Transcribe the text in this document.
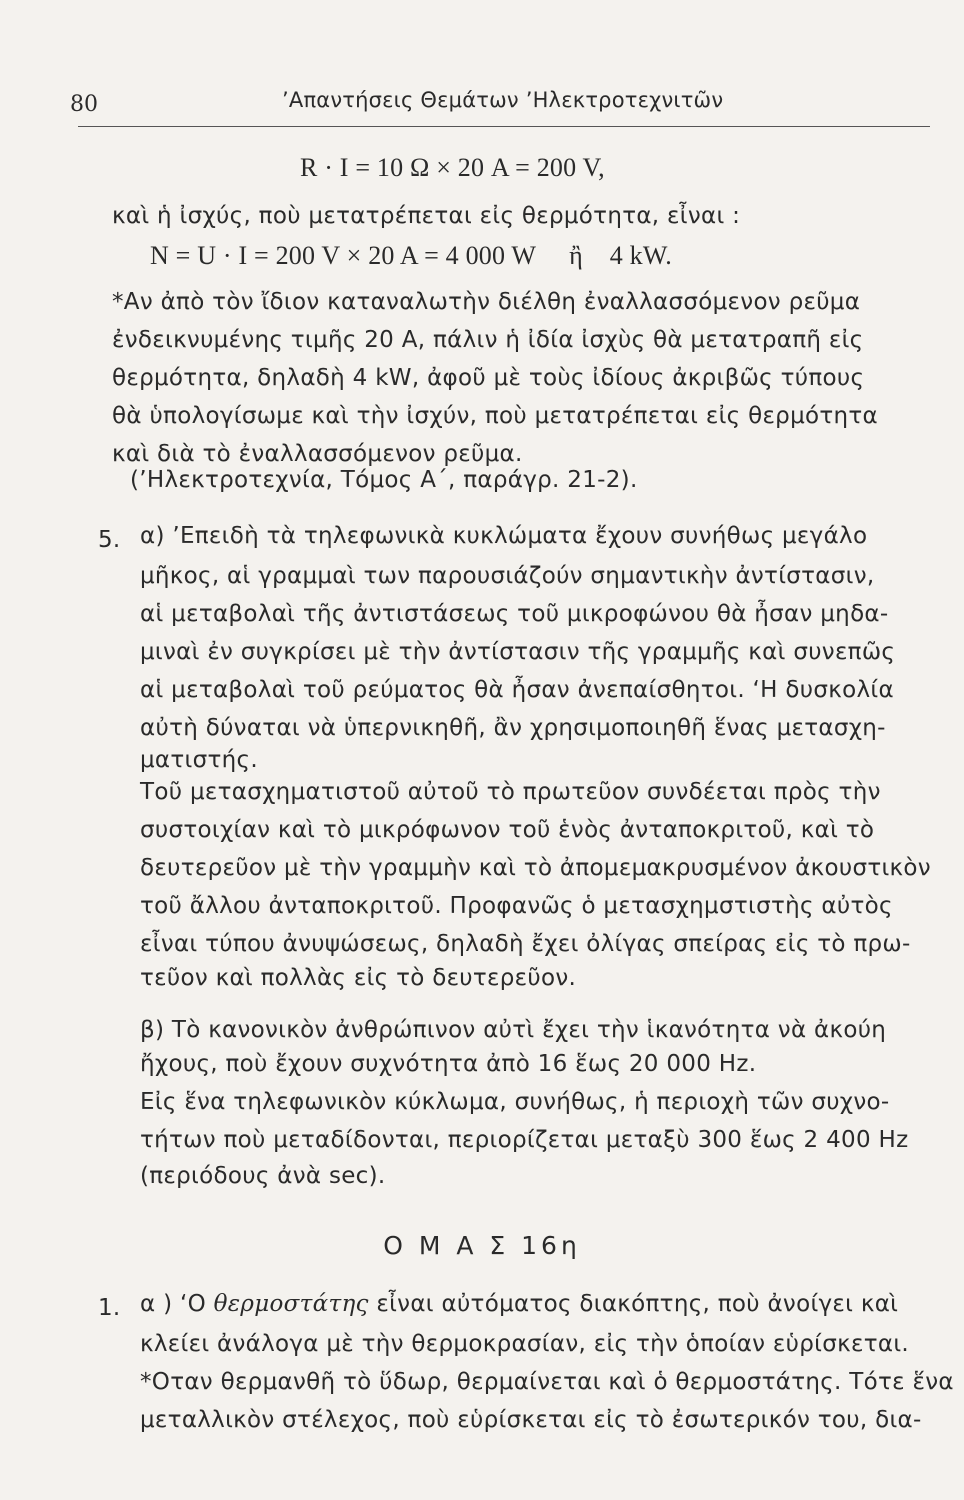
80	’Απαντήσεις Θεμάτων ’Ηλεκτροτεχνιτῶν
R · I = 10 Ω × 20 A = 200 V,
καὶ ἡ ἰσχύς, ποὺ μετατρέπεται εἰς θερμότητα, εἶναι :
N = U · I = 200 V × 20 A = 4 000 W     ἢ    4 kW.
*Αν ἀπὸ τὸν ἴδιον καταναλωτὴν διέλθη ἐναλλασσόμενον ρεῦμα
ἐνδεικνυμένης τιμῆς 20 A, πάλιν ἡ ἰδία ἰσχὺς θὰ μετατραπῆ εἰς
θερμότητα, δηλαδὴ 4 kW, ἀφοῦ μὲ τοὺς ἰδίους ἀκριβῶς τύπους
θὰ ὑπολογίσωμε καὶ τὴν ἰσχύν, ποὺ μετατρέπεται εἰς θερμότητα
καὶ διὰ τὸ ἐναλλασσόμενον ρεῦμα.
(’Ηλεκτροτεχνία, Τόμος Α΄, παράγρ. 21-2).
5. α) ’Επειδὴ τὰ τηλεφωνικὰ κυκλώματα ἔχουν συνήθως μεγάλο
μῆκος, αἱ γραμμαὶ των παρουσιάζούν σημαντικὴν ἀντίστασιν,
αἱ μεταβολαὶ τῆς ἀντιστάσεως τοῦ μικροφώνου θὰ ἦσαν μηδα-
μιναὶ ἐν συγκρίσει μὲ τὴν ἀντίστασιν τῆς γραμμῆς καὶ συνεπῶς
αἱ μεταβολαὶ τοῦ ρεύματος θὰ ἦσαν ἀνεπαίσθητοι. ‘Η δυσκολία
αὐτὴ δύναται νὰ ὑπερνικηθῆ, ἂν χρησιμοποιηθῆ ἕνας μετασχη-
ματιστής.
Τοῦ μετασχηματιστοῦ αὐτοῦ τὸ πρωτεῦον συνδέεται πρὸς τὴν
συστοιχίαν καὶ τὸ μικρόφωνον τοῦ ἑνὸς ἀνταποκριτοῦ, καὶ τὸ
δευτερεῦον μὲ τὴν γραμμὴν καὶ τὸ ἀπομεμακρυσμένον ἀκουστικὸν
τοῦ ἄλλου ἀνταποκριτοῦ. Προφανῶς ὁ μετασχημστιστὴς αὐτὸς
εἶναι τύπου ἀνυψώσεως, δηλαδὴ ἔχει ὀλίγας σπείρας εἰς τὸ πρω-
τεῦον καὶ πολλὰς εἰς τὸ δευτερεῦον.
β) Τὸ κανονικὸν ἀνθρώπινον αὐτὶ ἔχει τὴν ἱκανότητα νὰ ἀκούη
ἤχους, ποὺ ἔχουν συχνότητα ἀπὸ 16 ἕως 20 000 Hz.
Εἰς ἕνα τηλεφωνικὸν κύκλωμα, συνήθως, ἡ περιοχὴ τῶν συχνο-
τήτων ποὺ μεταδίδονται, περιορίζεται μεταξὺ 300 ἕως 2 400 Hz
(περιόδους ἀνὰ sec).
Ο Μ Α Σ 16η
1. α ) ‘Ο θερμοστάτης εἶναι αὐτόματος διακόπτης, ποὺ ἀνοίγει καὶ
κλείει ἀνάλογα μὲ τὴν θερμοκρασίαν, εἰς τὴν ὁποίαν εὑρίσκεται.
*Οταν θερμανθῆ τὸ ὕδωρ, θερμαίνεται καὶ ὁ θερμοστάτης. Τότε ἕνα
μεταλλικὸν στέλεχος, ποὺ εὑρίσκεται εἰς τὸ ἐσωτερικόν του, δια-
